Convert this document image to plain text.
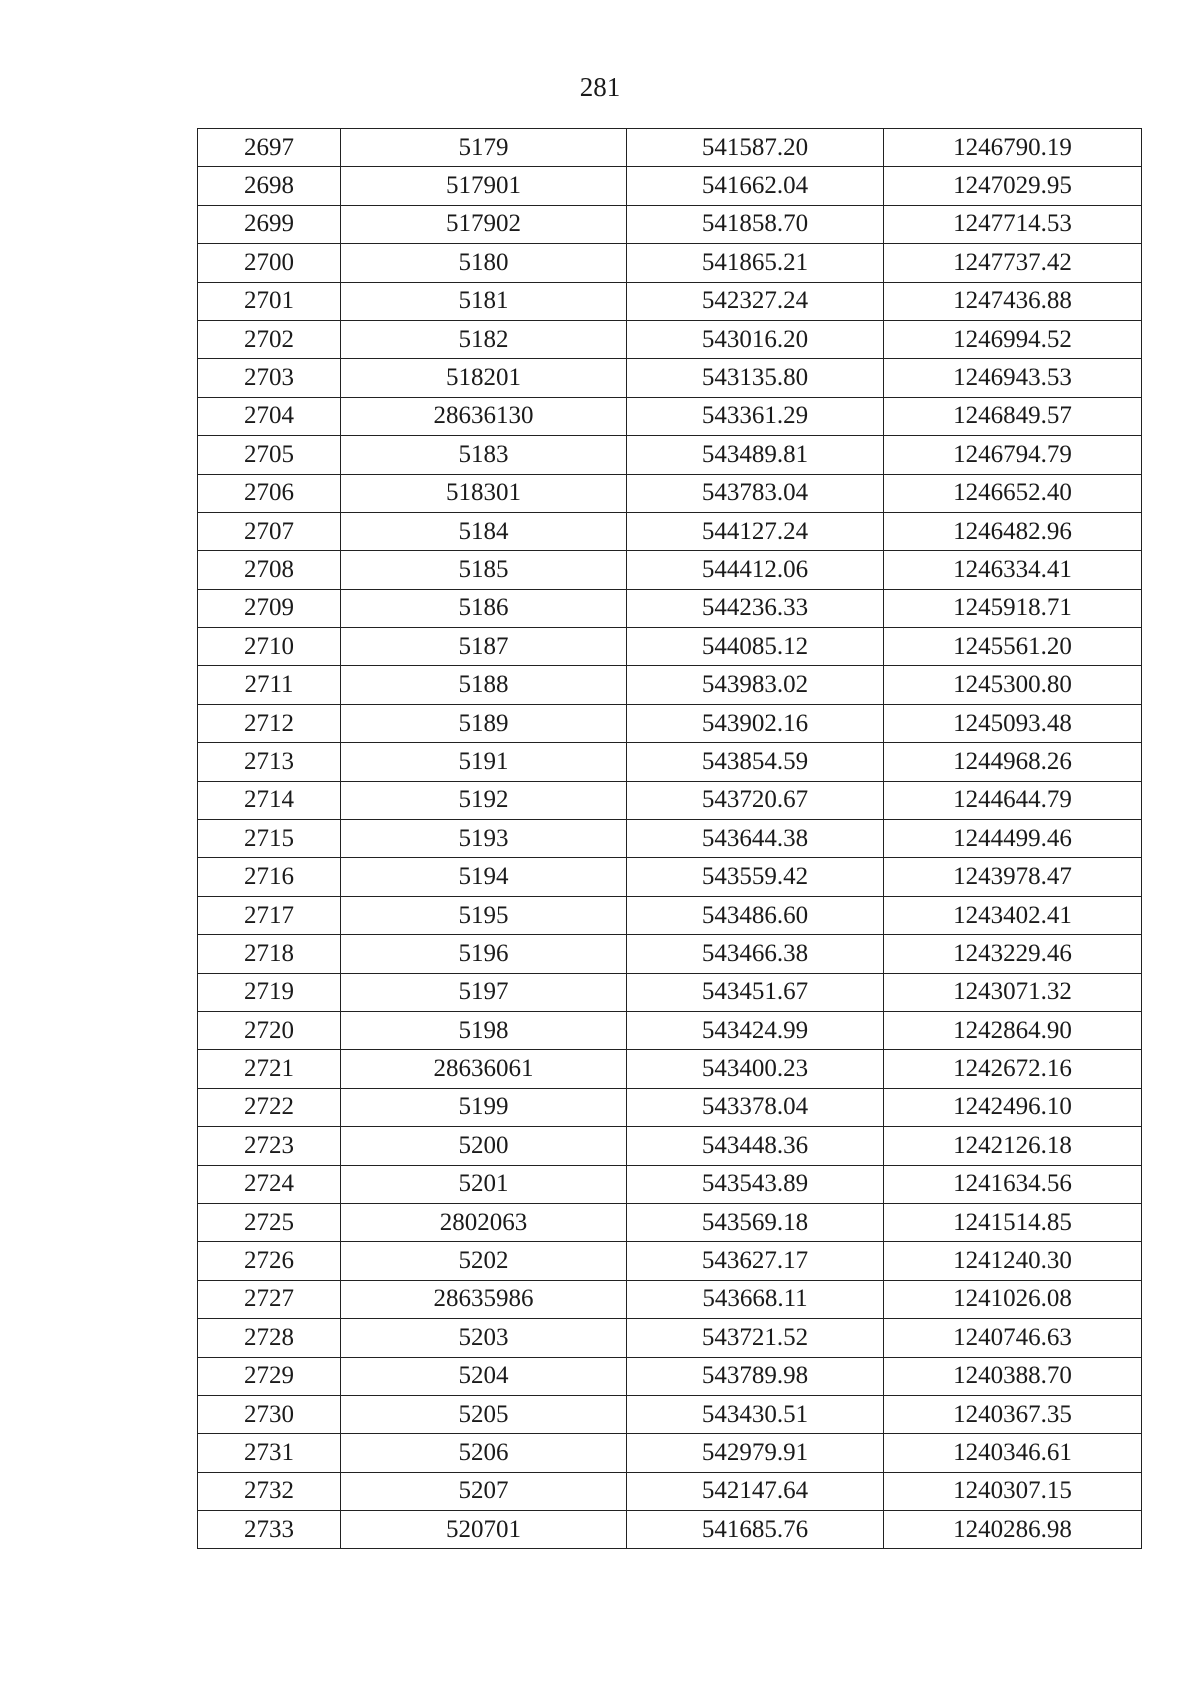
281
2697	5179	541587.20	1246790.19
2698	517901	541662.04	1247029.95
2699	517902	541858.70	1247714.53
2700	5180	541865.21	1247737.42
2701	5181	542327.24	1247436.88
2702	5182	543016.20	1246994.52
2703	518201	543135.80	1246943.53
2704	28636130	543361.29	1246849.57
2705	5183	543489.81	1246794.79
2706	518301	543783.04	1246652.40
2707	5184	544127.24	1246482.96
2708	5185	544412.06	1246334.41
2709	5186	544236.33	1245918.71
2710	5187	544085.12	1245561.20
2711	5188	543983.02	1245300.80
2712	5189	543902.16	1245093.48
2713	5191	543854.59	1244968.26
2714	5192	543720.67	1244644.79
2715	5193	543644.38	1244499.46
2716	5194	543559.42	1243978.47
2717	5195	543486.60	1243402.41
2718	5196	543466.38	1243229.46
2719	5197	543451.67	1243071.32
2720	5198	543424.99	1242864.90
2721	28636061	543400.23	1242672.16
2722	5199	543378.04	1242496.10
2723	5200	543448.36	1242126.18
2724	5201	543543.89	1241634.56
2725	2802063	543569.18	1241514.85
2726	5202	543627.17	1241240.30
2727	28635986	543668.11	1241026.08
2728	5203	543721.52	1240746.63
2729	5204	543789.98	1240388.70
2730	5205	543430.51	1240367.35
2731	5206	542979.91	1240346.61
2732	5207	542147.64	1240307.15
2733	520701	541685.76	1240286.98
